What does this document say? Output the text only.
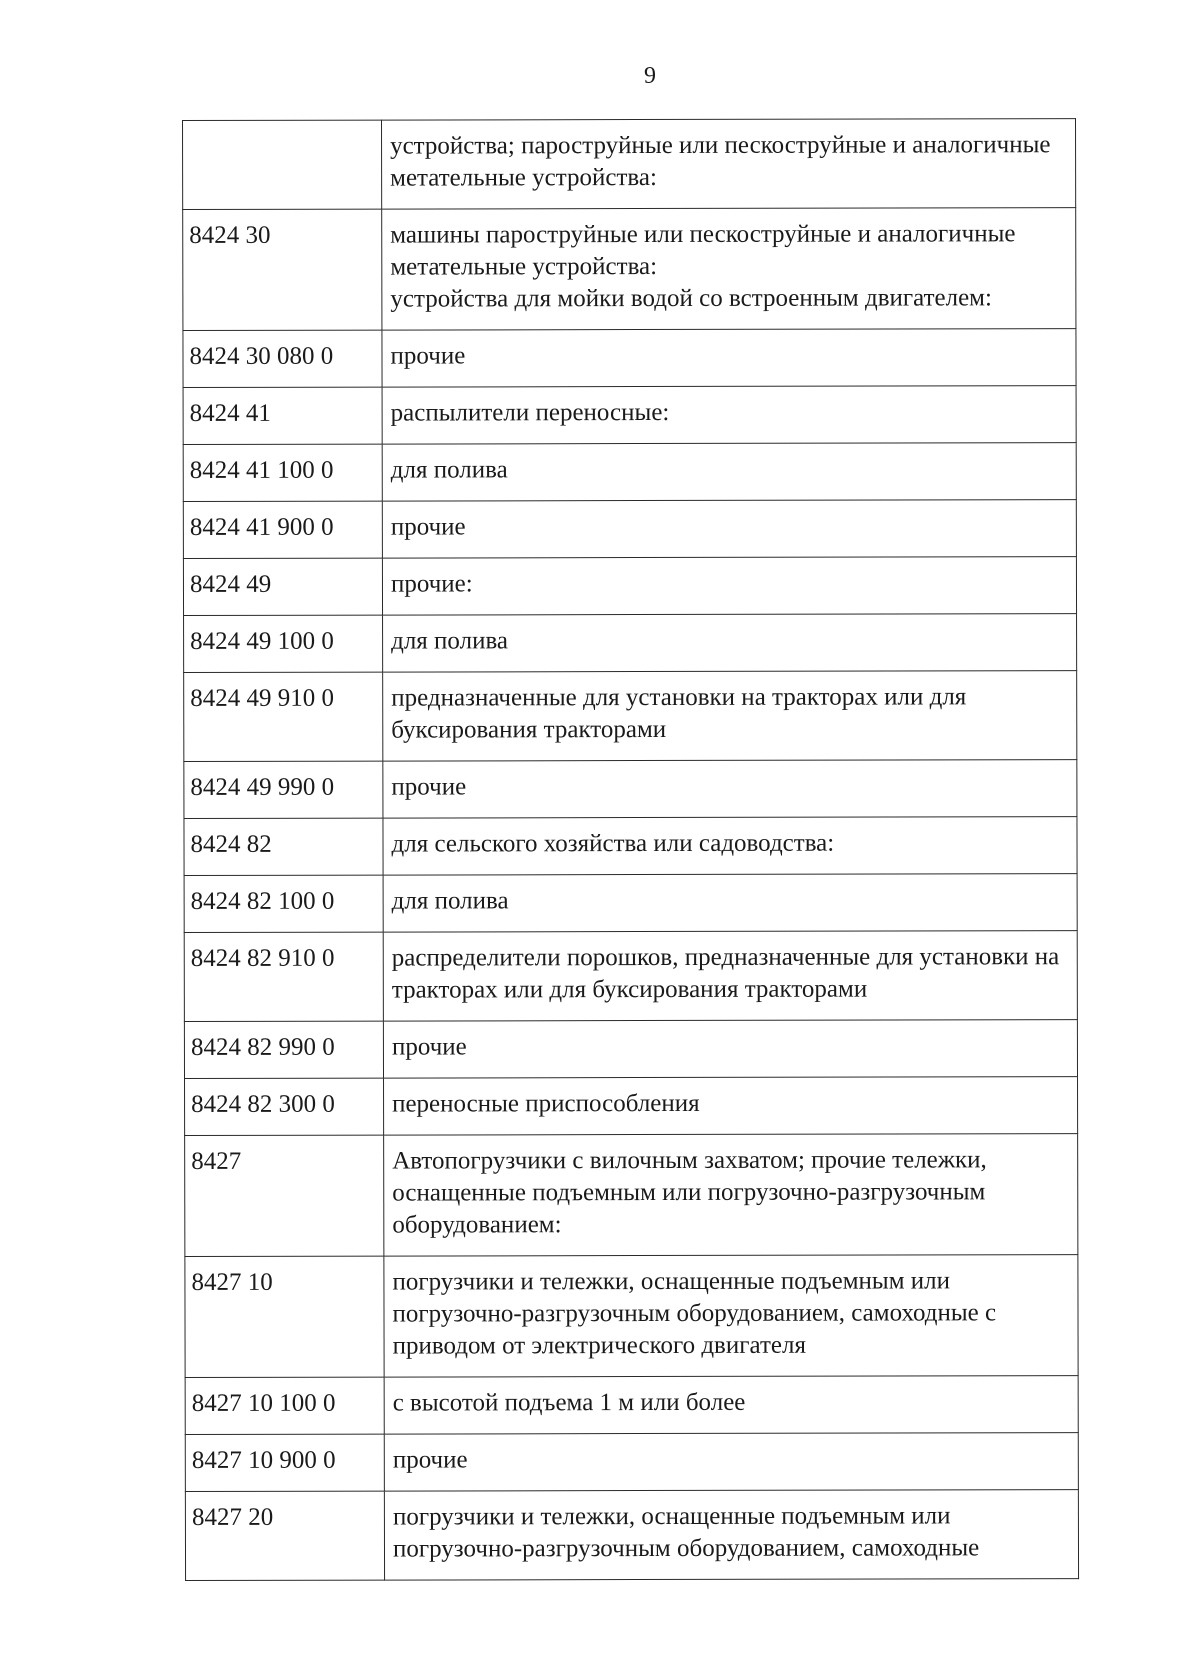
9
	устройства; пароструйные или пескоструйные и аналогичные метательные устройства:
8424 30	машины пароструйные или пескоструйные и аналогичные метательные устройства:
устройства для мойки водой со встроенным двигателем:
8424 30 080 0	прочие
8424 41	распылители переносные:
8424 41 100 0	для полива
8424 41 900 0	прочие
8424 49	прочие:
8424 49 100 0	для полива
8424 49 910 0	предназначенные для установки на тракторах или для буксирования тракторами
8424 49 990 0	прочие
8424 82	для сельского хозяйства или садоводства:
8424 82 100 0	для полива
8424 82 910 0	распределители порошков, предназначенные для установки на тракторах или для буксирования тракторами
8424 82 990 0	прочие
8424 82 300 0	переносные приспособления
8427	Автопогрузчики с вилочным захватом; прочие тележки, оснащенные подъемным или погрузочно-разгрузочным оборудованием:
8427 10	погрузчики и тележки, оснащенные подъемным или погрузочно-разгрузочным оборудованием, самоходные с приводом от электрического двигателя
8427 10 100 0	с высотой подъема 1 м или более
8427 10 900 0	прочие
8427 20	погрузчики и тележки, оснащенные подъемным или погрузочно-разгрузочным оборудованием, самоходные
